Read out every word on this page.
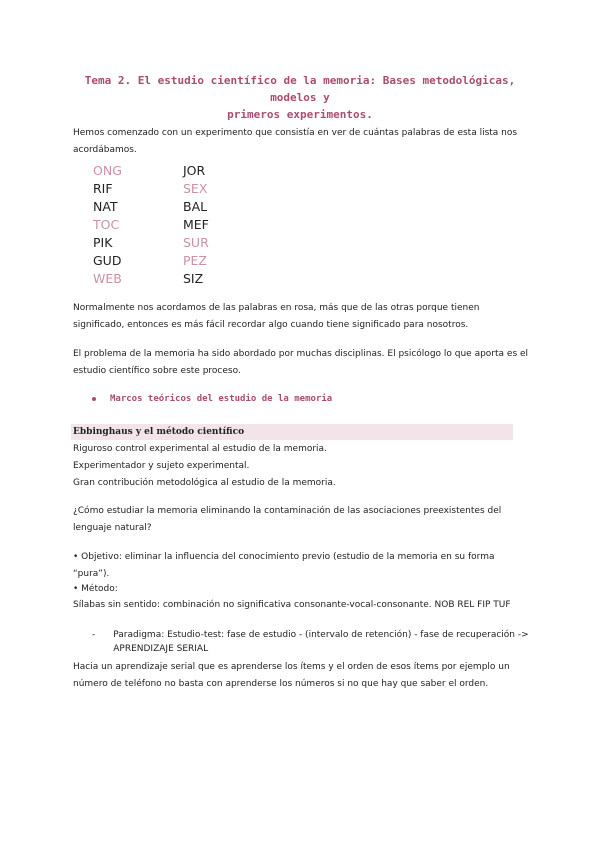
Tema 2. El estudio científico de la memoria: Bases metodológicas, modelos y
primeros experimentos.

Hemos comenzado con un experimento que consistía en ver de cuántas palabras de esta lista nos acordábamos.

ONG	JOR
RIF	SEX
NAT	BAL
TOC	MEF
PIK	SUR
GUD	PEZ
WEB	SIZ

Normalmente nos acordamos de las palabras en rosa, más que de las otras porque tienen significado, entonces es más fácil recordar algo cuando tiene significado para nosotros.

El problema de la memoria ha sido abordado por muchas disciplinas. El psicólogo lo que aporta es el estudio científico sobre este proceso.

Marcos teóricos del estudio de la memoria
Ebbinghaus y el método científico
Riguroso control experimental al estudio de la memoria.
Experimentador y sujeto experimental.
Gran contribución metodológica al estudio de la memoria.

¿Cómo estudiar la memoria eliminando la contaminación de las asociaciones preexistentes del lenguaje natural?

• Objetivo: eliminar la influencia del conocimiento previo (estudio de la memoria en su forma “pura”).

• Método:

Sílabas sin sentido: combinación no significativa consonante-vocal-consonante. NOB REL FIP TUF

- Paradigma: Estudio-test: fase de estudio - (intervalo de retención) - fase de recuperación -> APRENDIZAJE SERIAL

Hacia un aprendizaje serial que es aprenderse los ítems y el orden de esos ítems por ejemplo un número de teléfono no basta con aprenderse los números si no que hay que saber el orden.
